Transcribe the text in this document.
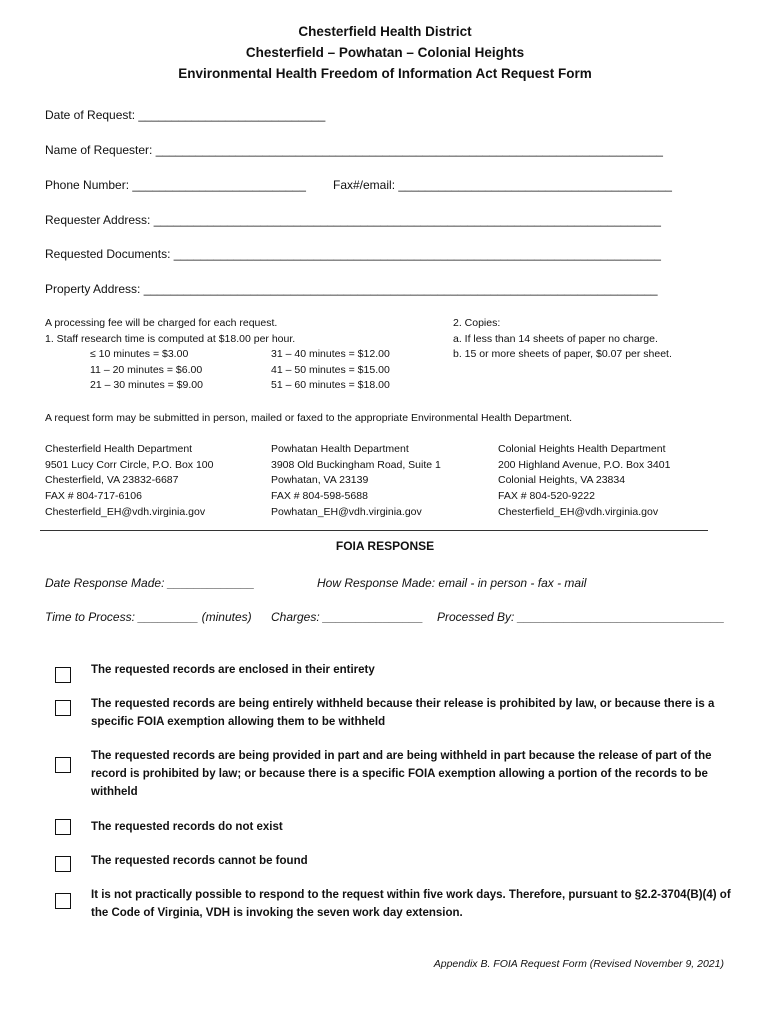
Chesterfield Health District
Chesterfield – Powhatan – Colonial Heights
Environmental Health Freedom of Information Act Request Form
Date of Request: ____________________________
Name of Requester: ____________________________________________________________________________
Phone Number: __________________________ Fax#/email: _________________________________________
Requester Address: ____________________________________________________________________________
Requested Documents: _________________________________________________________________________
Property Address: _____________________________________________________________________________
A processing fee will be charged for each request.
1. Staff research time is computed at $18.00 per hour.
≤ 10 minutes = $3.00
11 – 20 minutes = $6.00
21 – 30 minutes = $9.00
31 – 40 minutes = $12.00
41 – 50 minutes = $15.00
51 – 60 minutes = $18.00
2. Copies:
a. If less than 14 sheets of paper no charge.
b. 15 or more sheets of paper, $0.07 per sheet.
A request form may be submitted in person, mailed or faxed to the appropriate Environmental Health Department.
Chesterfield Health Department
9501 Lucy Corr Circle, P.O. Box 100
Chesterfield, VA 23832-6687
FAX # 804-717-6106
Chesterfield_EH@vdh.virginia.gov
Powhatan Health Department
3908 Old Buckingham Road, Suite 1
Powhatan, VA 23139
FAX # 804-598-5688
Powhatan_EH@vdh.virginia.gov
Colonial Heights Health Department
200 Highland Avenue, P.O. Box 3401
Colonial Heights, VA 23834
FAX # 804-520-9222
Chesterfield_EH@vdh.virginia.gov
FOIA RESPONSE
Date Response Made: _____________	How Response Made: email - in person - fax - mail
Time to Process: _________ (minutes) Charges: _______________ Processed By: _______________________________
The requested records are enclosed in their entirety
The requested records are being entirely withheld because their release is prohibited by law, or because there is a specific FOIA exemption allowing them to be withheld
The requested records are being provided in part and are being withheld in part because the release of part of the record is prohibited by law; or because there is a specific FOIA exemption allowing a portion of the records to be withheld
The requested records do not exist
The requested records cannot be found
It is not practically possible to respond to the request within five work days. Therefore, pursuant to §2.2-3704(B)(4) of the Code of Virginia, VDH is invoking the seven work day extension.
Appendix B. FOIA Request Form (Revised November 9, 2021)
